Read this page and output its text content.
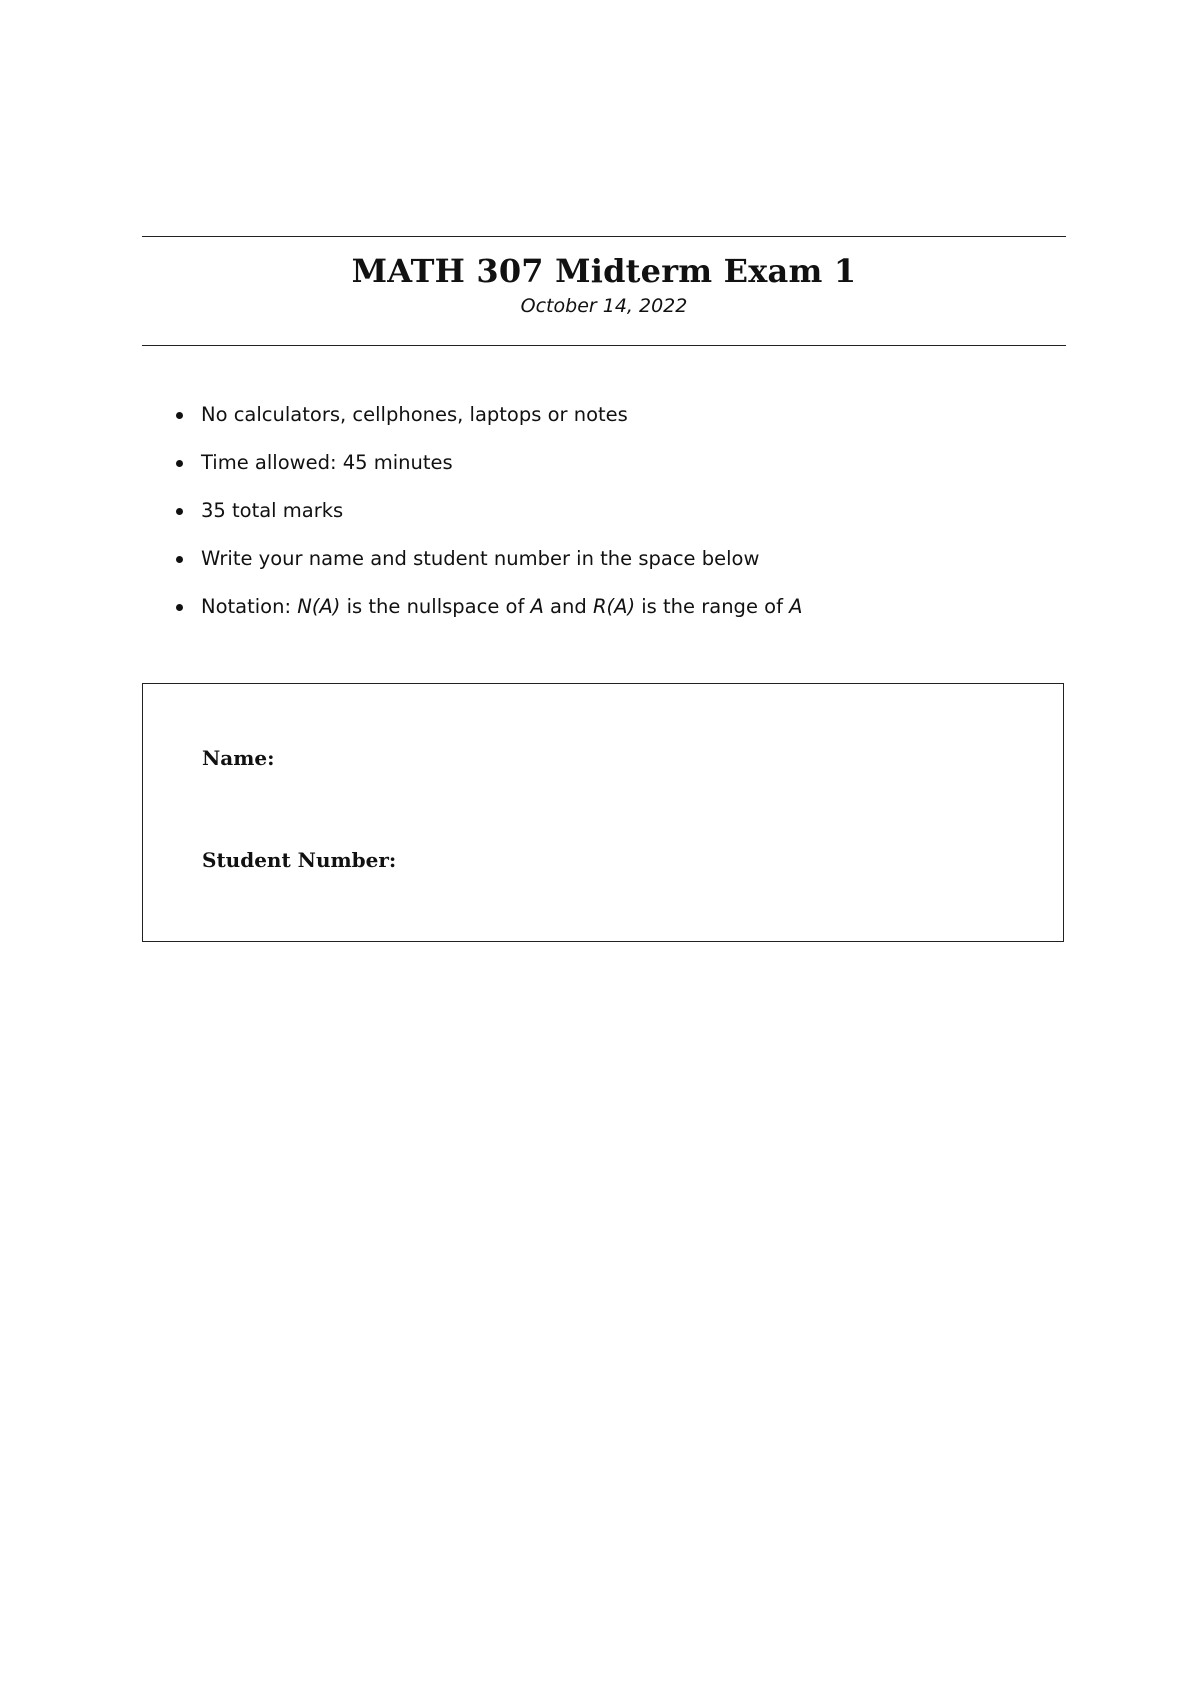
MATH 307 Midterm Exam 1
October 14, 2022
No calculators, cellphones, laptops or notes
Time allowed: 45 minutes
35 total marks
Write your name and student number in the space below
Notation: N(A) is the nullspace of A and R(A) is the range of A
Name:
Student Number:
